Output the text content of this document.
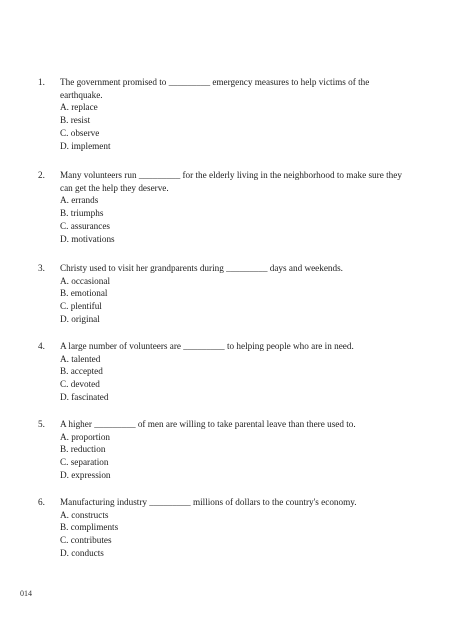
1.	The government promised to _________ emergency measures to help victims of the earthquake.
A. replace
B. resist
C. observe
D. implement
2.	Many volunteers run _________ for the elderly living in the neighborhood to make sure they can get the help they deserve.
A. errands
B. triumphs
C. assurances
D. motivations
3.	Christy used to visit her grandparents during _________ days and weekends.
A. occasional
B. emotional
C. plentiful
D. original
4.	A large number of volunteers are _________ to helping people who are in need.
A. talented
B. accepted
C. devoted
D. fascinated
5.	A higher _________ of men are willing to take parental leave than there used to.
A. proportion
B. reduction
C. separation
D. expression
6.	Manufacturing industry _________ millions of dollars to the country's economy.
A. constructs
B. compliments
C. contributes
D. conducts
014
